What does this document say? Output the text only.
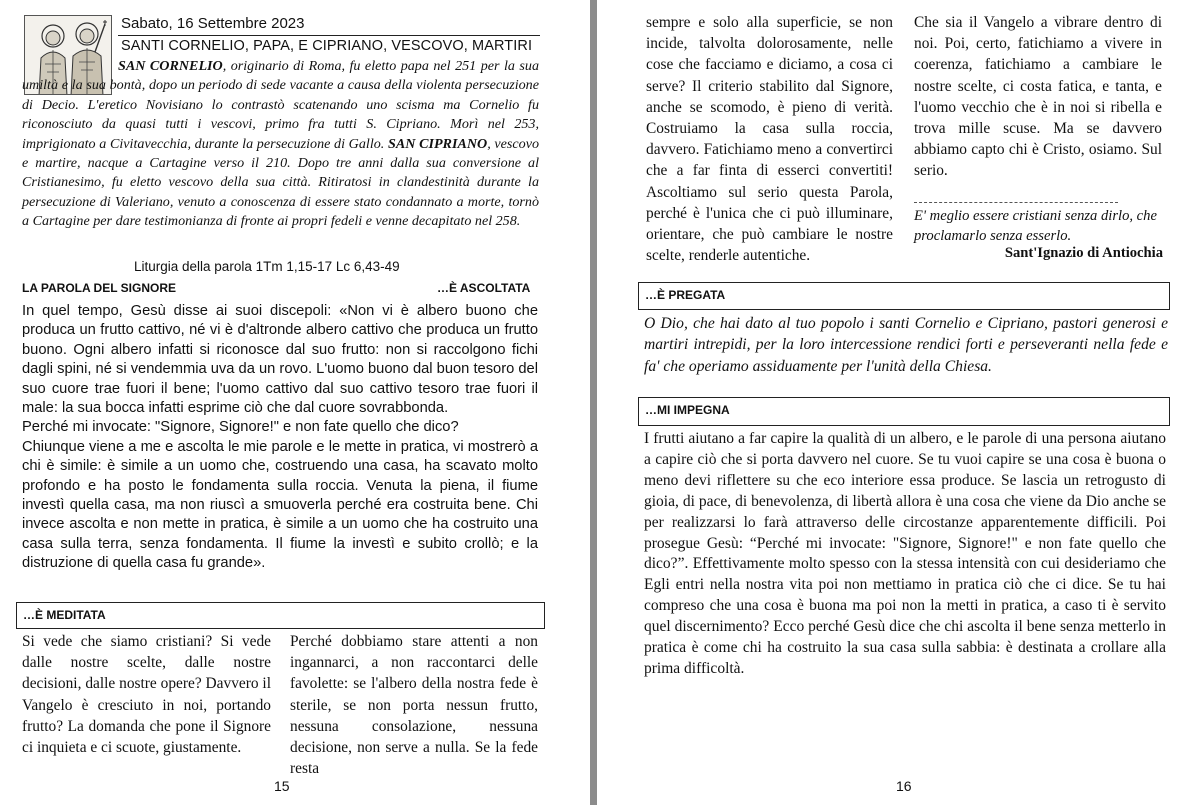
Sabato, 16 Settembre 2023
SANTI CORNELIO, PAPA, E CIPRIANO, VESCOVO, MARTIRI
SAN CORNELIO, originario di Roma, fu eletto papa nel 251 per la sua umiltà e la sua bontà, dopo un periodo di sede vacante a causa della violenta persecuzione di Decio. L'eretico Novisiano lo contrastò scatenando uno scisma ma Cornelio fu riconosciuto da quasi tutti i vescovi, primo fra tutti S. Cipriano. Morì nel 253, imprigionato a Civitavecchia, durante la persecuzione di Gallo. SAN CIPRIANO, vescovo e martire, nacque a Cartagine verso il 210. Dopo tre anni dalla sua conversione al Cristianesimo, fu eletto vescovo della sua città. Ritiratosi in clandestinità durante la persecuzione di Valeriano, venuto a conoscenza di essere stato condannato a morte, tornò a Cartagine per dare testimonianza di fronte ai propri fedeli e venne decapitato nel 258.
Liturgia della parola 1Tm 1,15-17 Lc 6,43-49
LA PAROLA DEL SIGNORE	…È ASCOLTATA

In quel tempo, Gesù disse ai suoi discepoli: «Non vi è albero buono che produca un frutto cattivo, né vi è d'altronde albero cattivo che produca un frutto buono. Ogni albero infatti si riconosce dal suo frutto: non si raccolgono fichi dagli spini, né si vendemmia uva da un rovo. L'uomo buono dal buon tesoro del suo cuore trae fuori il bene; l'uomo cattivo dal suo cattivo tesoro trae fuori il male: la sua bocca infatti esprime ciò che dal cuore sovrabbonda.

Perché mi invocate: "Signore, Signore!" e non fate quello che dico?

Chiunque viene a me e ascolta le mie parole e le mette in pratica, vi mostrerò a chi è simile: è simile a un uomo che, costruendo una casa, ha scavato molto profondo e ha posto le fondamenta sulla roccia. Venuta la piena, il fiume investì quella casa, ma non riuscì a smuoverla perché era costruita bene. Chi invece ascolta e non mette in pratica, è simile a un uomo che ha costruito una casa sulla terra, senza fondamenta. Il fiume la investì e subito crollò; e la distruzione di quella casa fu grande».

…È MEDITATA
Si vede che siamo cristiani? Si vede dalle nostre scelte, dalle nostre decisioni, dalle nostre opere? Davvero il Vangelo è cresciuto in noi, portando frutto? La domanda che pone il Signore ci inquieta e ci scuote, giustamente.
Perché dobbiamo stare attenti a non ingannarci, a non raccontarci delle favolette: se l'albero della nostra fede è sterile, se non porta nessun frutto, nessuna consolazione, nessuna decisione, non serve a nulla. Se la fede resta
15
sempre e solo alla superficie, se non incide, talvolta dolorosamente, nelle cose che facciamo e diciamo, a cosa ci serve? Il criterio stabilito dal Signore, anche se scomodo, è pieno di verità. Costruiamo la casa sulla roccia, davvero. Fatichiamo meno a convertirci che a far finta di esserci convertiti! Ascoltiamo sul serio questa Parola, perché è l'unica che ci può illuminare, orientare, che può cambiare le nostre scelte, renderle autentiche.
Che sia il Vangelo a vibrare dentro di noi. Poi, certo, fatichiamo a vivere in coerenza, fatichiamo a cambiare le nostre scelte, ci costa fatica, e tanta, e l'uomo vecchio che è in noi si ribella e trova mille scuse. Ma se davvero abbiamo capto chi è Cristo, osiamo. Sul serio.
E' meglio essere cristiani senza dirlo, che proclamarlo senza esserlo.
Sant'Ignazio di Antiochia
…È PREGATA
O Dio, che hai dato al tuo popolo i santi Cornelio e Cipriano, pastori generosi e martiri intrepidi, per la loro intercessione rendici forti e perseveranti nella fede e fa' che operiamo assiduamente per l'unità della Chiesa.
…MI IMPEGNA
I frutti aiutano a far capire la qualità di un albero, e le parole di una persona aiutano a capire ciò che si porta davvero nel cuore. Se tu vuoi capire se una cosa è buona o meno devi riflettere su che eco interiore essa produce. Se lascia un retrogusto di gioia, di pace, di benevolenza, di libertà allora è una cosa che viene da Dio anche se per realizzarsi lo farà attraverso delle circostanze apparentemente difficili. Poi prosegue Gesù: “Perché mi invocate: "Signore, Signore!" e non fate quello che dico?”. Effettivamente molto spesso con la stessa intensità con cui desideriamo che Egli entri nella nostra vita poi non mettiamo in pratica ciò che ci dice. Se tu hai compreso che una cosa è buona ma poi non la metti in pratica, a caso ti è servito quel discernimento? Ecco perché Gesù dice che chi ascolta il bene senza metterlo in pratica è come chi ha costruito la sua casa sulla sabbia: è destinata a crollare alla prima difficoltà.
16
